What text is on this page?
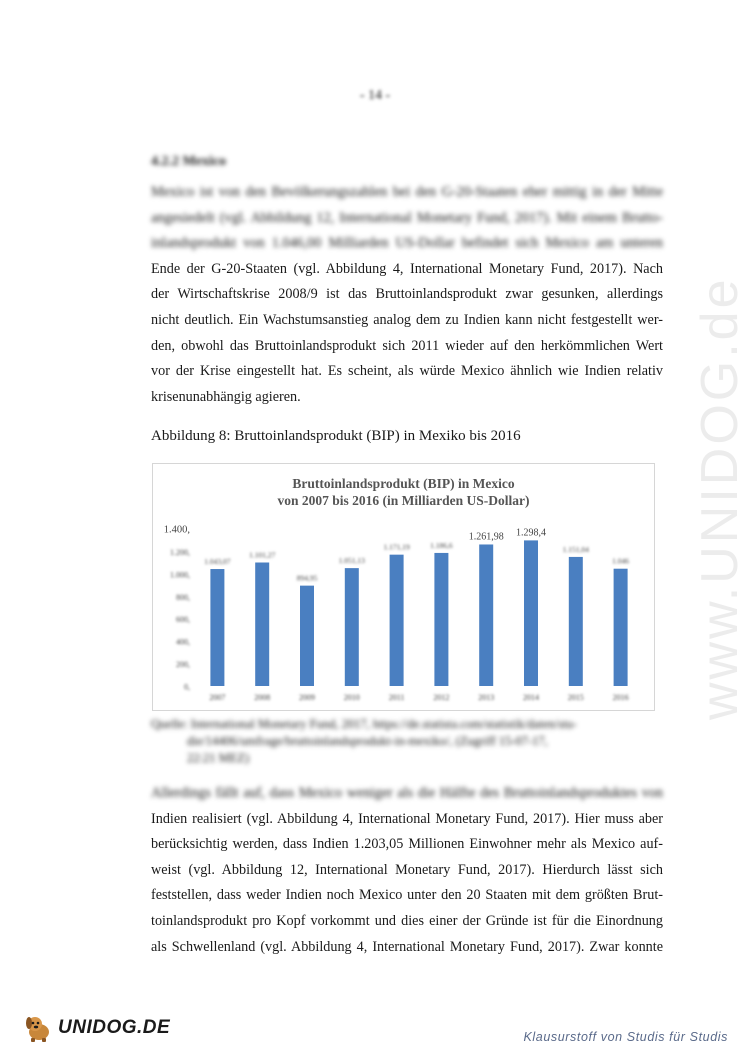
- 14 -
4.2.2 Mexico
Mexico ist von den Bevölkerungszahlen bei den G-20-Staaten eher mittig in der Mitte
angesiedelt (vgl. Abbildung 12, International Monetary Fund, 2017). Mit einem Brutto-
inlandsprodukt von 1.046,00 Milliarden US-Dollar befindet sich Mexico am unteren
Ende der G-20-Staaten (vgl. Abbildung 4, International Monetary Fund, 2017). Nach
der Wirtschaftskrise 2008/9 ist das Bruttoinlandsprodukt zwar gesunken, allerdings
nicht deutlich. Ein Wachstumsanstieg analog dem zu Indien kann nicht festgestellt wer-
den, obwohl das Bruttoinlandsprodukt sich 2011 wieder auf den herkömmlichen Wert
vor der Krise eingestellt hat. Es scheint, als würde Mexico ähnlich wie Indien relativ
krisenunabhängig agieren.
Abbildung 8: Bruttoinlandsprodukt (BIP) in Mexiko bis 2016
Bruttoinlandsprodukt (BIP) in Mexico
von 2007 bis 2016 (in Milliarden US-Dollar)
0,
200,
400,
600,
800,
1.000,
1.200,
1.400,
1.043,07
2007
1.101,27
2008
894,95
2009
1.051,13
2010
1.171,19
2011
1.186,6
2012
1.261,98
2013
1.298,4
2014
1.151,04
2015
1.046
2016
Quelle: International Monetary Fund, 2017, https://de.statista.com/statistik/daten/stu-
die/14406/umfrage/bruttoinlandsprodukt-in-mexiko/, (Zugriff 15-07-17,
22:21 MEZ)
Allerdings fällt auf, dass Mexico weniger als die Hälfte des Bruttoinlandsproduktes von
Indien realisiert (vgl. Abbildung 4, International Monetary Fund, 2017). Hier muss aber
berücksichtig werden, dass Indien 1.203,05 Millionen Einwohner mehr als Mexico auf-
weist (vgl. Abbildung 12, International Monetary Fund, 2017). Hierdurch lässt sich
feststellen, dass weder Indien noch Mexico unter den 20 Staaten mit dem größten Brut-
toinlandsprodukt pro Kopf vorkommt und dies einer der Gründe ist für die Einordnung
als Schwellenland (vgl. Abbildung 4, International Monetary Fund, 2017). Zwar konnte
www.UNIDOG.de
UNIDOG.DE	Klausurstoff von Studis für Studis
